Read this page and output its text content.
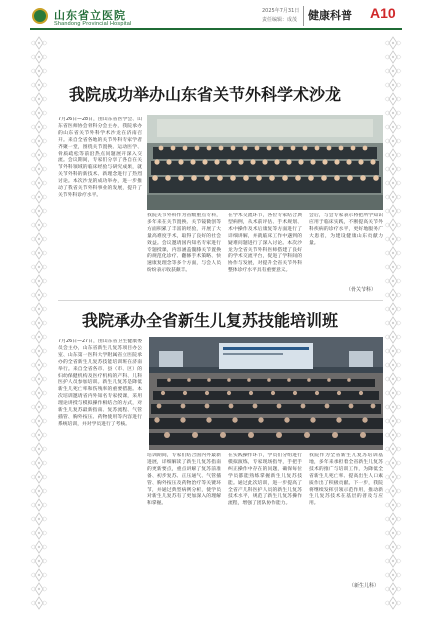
山东省立医院
Shandong Provincial Hospital
2025年7月31日
责任编辑：成茂 健康科普 A10
我院成功举办山东省关节外科学术沙龙
7月26日—28日，由山东省医学会、山东省医师协会骨科分会主办，我院承办的山东省关节外科学术沙龙在济南召开。来自全省各地的关节外科专家学者齐聚一堂，围绕关节置换、运动医学、骨质疏松等前沿热点问题展开深入交流。会议期间，专家们分享了各自在关节外科领域的临床经验与研究成果，就关节外科的新技术、新理念进行了热烈讨论。本次沙龙的成功举办，进一步推动了我省关节外科事业的发展，提升了关节外科诊疗水平。
我院关节外科作为省级重点专科，多年来在关节置换、关节镜微创等方面积累了丰富的经验，开展了大量高难度手术，取得了良好的社会效益。会议邀请国内知名专家进行专题授课，内容涵盖髋膝关节置换的规范化诊疗、翻修手术策略、快速康复理念等多个方面，与会人员纷纷表示收获颇丰。
在学术交流环节，各位专家结合典型病例，从术前评估、手术规划、术中操作及术后康复等方面进行了详细讲解，并就临床工作中遇到的疑难问题进行了深入讨论。本次沙龙为全省关节外科医师搭建了良好的学术交流平台，促进了学科间的协作与发展，对提升全省关节外科整体诊疗水平具有重要意义。
会后，与会专家表示将把所学知识应用于临床实践，不断提高关节外科疾病的诊疗水平，更好地服务广大患者，为建设健康山东贡献力量。
（骨关节科）
我院承办全省新生儿复苏技能培训班
7月26日—27日，由山东省卫生健康委员会主办，山东省新生儿复苏项目办公室、山东第一医科大学附属省立医院承办的全省新生儿复苏技能培训班在济南举行。来自全省各市、县（市、区）的妇幼保健机构及医疗机构的产科、儿科医护人员参加培训。新生儿复苏是降低新生儿死亡率和伤残率的重要措施。本次培训邀请省内外知名专家授课，采用理论讲授与模拟操作相结合的方式，对新生儿复苏最新指南、复苏流程、气管插管、胸外按压、药物使用等内容进行系统培训，并对学员进行了考核。
培训期间，专家们结合国内外最新进展，详细解读了新生儿复苏指南的更新要点，重点讲解了复苏前准备、初步复苏、正压通气、气管插管、胸外按压及药物治疗等关键环节，并通过典型病例分析，使学员对新生儿复苏有了更加深入的理解和掌握。
在实践操作环节，学员们分组进行模拟演练，专家现场指导，手把手纠正操作中存在的问题，确保每位学员都能熟练掌握新生儿复苏技能。通过此次培训，进一步提高了全省产儿科医护人员的新生儿复苏技术水平，规范了新生儿复苏操作流程，增强了团队协作能力。
我院作为全省新生儿复苏培训基地，多年来承担着全省新生儿复苏技术的推广与培训工作，为降低全省新生儿死亡率、提高出生人口素质作出了积极贡献。下一步，我院将继续发挥引领示范作用，推动新生儿复苏技术在基层的普及与应用。
（新生儿科）
